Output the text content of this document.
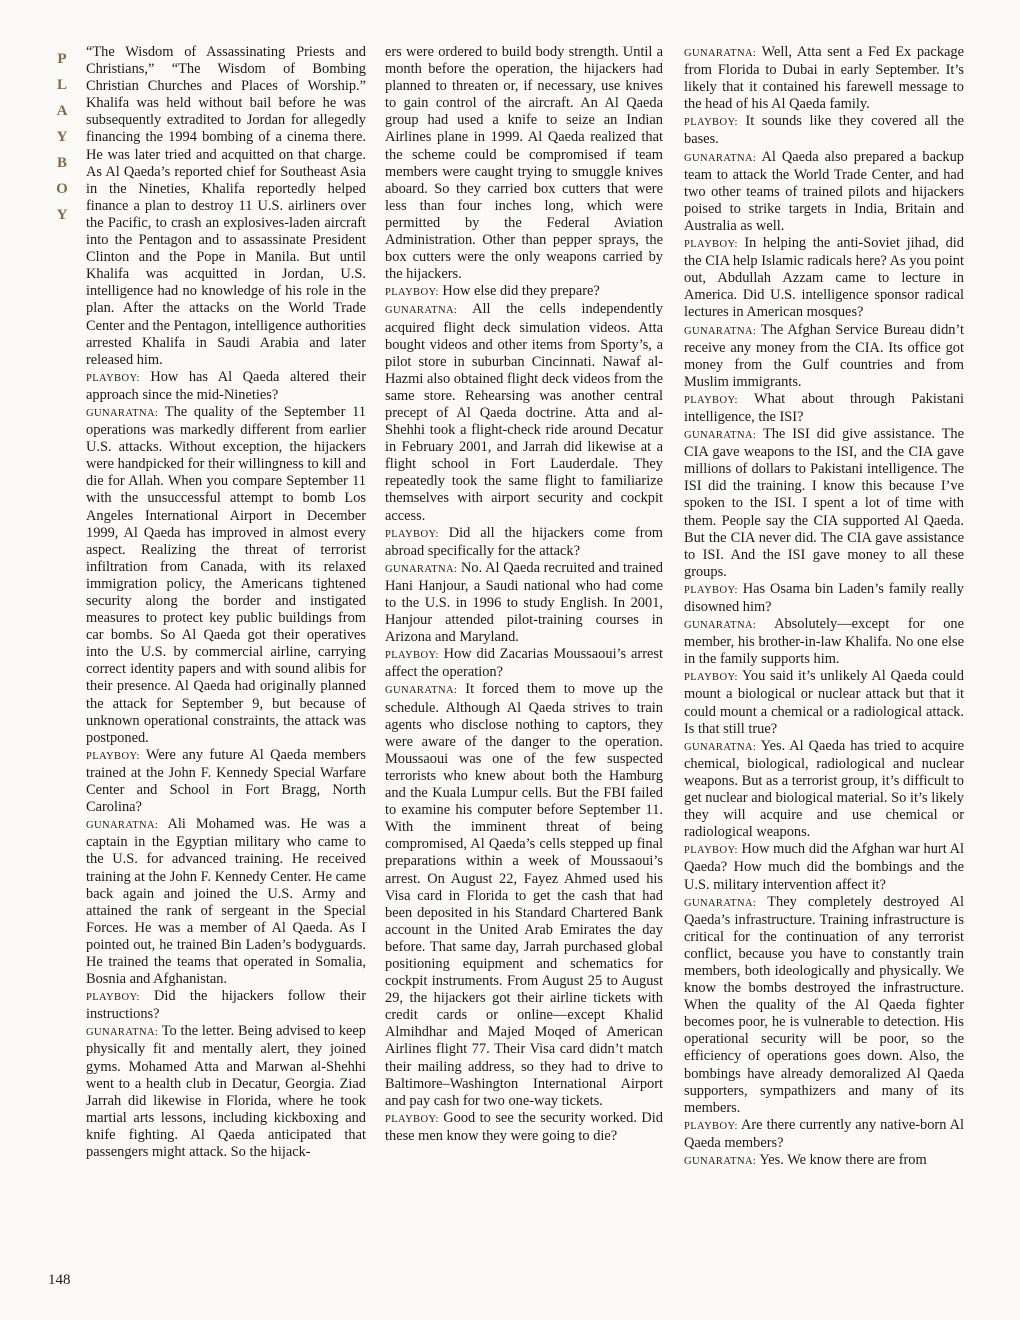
P
L
A
Y
B
O
Y

“The Wisdom of Assassinating Priests and Christians,” “The Wisdom of Bombing Christian Churches and Places of Worship.” Khalifa was held without bail before he was subsequently extradited to Jordan for allegedly financing the 1994 bombing of a cinema there. He was later tried and acquitted on that charge. As Al Qaeda’s reported chief for Southeast Asia in the Nineties, Khalifa reportedly helped finance a plan to destroy 11 U.S. airliners over the Pacific, to crash an explosives-laden aircraft into the Pentagon and to assassinate President Clinton and the Pope in Manila. But until Khalifa was acquitted in Jordan, U.S. intelligence had no knowledge of his role in the plan. After the attacks on the World Trade Center and the Pentagon, intelligence authorities arrested Khalifa in Saudi Arabia and later released him.

PLAYBOY: How has Al Qaeda altered their approach since the mid-Nineties?

GUNARATNA: The quality of the September 11 operations was markedly different from earlier U.S. attacks. Without exception, the hijackers were handpicked for their willingness to kill and die for Allah. When you compare September 11 with the unsuccessful attempt to bomb Los Angeles International Airport in December 1999, Al Qaeda has improved in almost every aspect. Realizing the threat of terrorist infiltration from Canada, with its relaxed immigration policy, the Americans tightened security along the border and instigated measures to protect key public buildings from car bombs. So Al Qaeda got their operatives into the U.S. by commercial airline, carrying correct identity papers and with sound alibis for their presence. Al Qaeda had originally planned the attack for September 9, but because of unknown operational constraints, the attack was postponed.

PLAYBOY: Were any future Al Qaeda members trained at the John F. Kennedy Special Warfare Center and School in Fort Bragg, North Carolina?

GUNARATNA: Ali Mohamed was. He was a captain in the Egyptian military who came to the U.S. for advanced training. He received training at the John F. Kennedy Center. He came back again and joined the U.S. Army and attained the rank of sergeant in the Special Forces. He was a member of Al Qaeda. As I pointed out, he trained Bin Laden’s bodyguards. He trained the teams that operated in Somalia, Bosnia and Afghanistan.

PLAYBOY: Did the hijackers follow their instructions?

GUNARATNA: To the letter. Being advised to keep physically fit and mentally alert, they joined gyms. Mohamed Atta and Marwan al-Shehhi went to a health club in Decatur, Georgia. Ziad Jarrah did likewise in Florida, where he took martial arts lessons, including kickboxing and knife fighting. Al Qaeda anticipated that passengers might attack. So the hijack-

ers were ordered to build body strength. Until a month before the operation, the hijackers had planned to threaten or, if necessary, use knives to gain control of the aircraft. An Al Qaeda group had used a knife to seize an Indian Airlines plane in 1999. Al Qaeda realized that the scheme could be compromised if team members were caught trying to smuggle knives aboard. So they carried box cutters that were less than four inches long, which were permitted by the Federal Aviation Administration. Other than pepper sprays, the box cutters were the only weapons carried by the hijackers.

PLAYBOY: How else did they prepare?

GUNARATNA: All the cells independently acquired flight deck simulation videos. Atta bought videos and other items from Sporty’s, a pilot store in suburban Cincinnati. Nawaf al-Hazmi also obtained flight deck videos from the same store. Rehearsing was another central precept of Al Qaeda doctrine. Atta and al-Shehhi took a flight-check ride around Decatur in February 2001, and Jarrah did likewise at a flight school in Fort Lauderdale. They repeatedly took the same flight to familiarize themselves with airport security and cockpit access.

PLAYBOY: Did all the hijackers come from abroad specifically for the attack?

GUNARATNA: No. Al Qaeda recruited and trained Hani Hanjour, a Saudi national who had come to the U.S. in 1996 to study English. In 2001, Hanjour attended pilot-training courses in Arizona and Maryland.

PLAYBOY: How did Zacarias Moussaoui’s arrest affect the operation?

GUNARATNA: It forced them to move up the schedule. Although Al Qaeda strives to train agents who disclose nothing to captors, they were aware of the danger to the operation. Moussaoui was one of the few suspected terrorists who knew about both the Hamburg and the Kuala Lumpur cells. But the FBI failed to examine his computer before September 11. With the imminent threat of being compromised, Al Qaeda’s cells stepped up final preparations within a week of Moussaoui’s arrest. On August 22, Fayez Ahmed used his Visa card in Florida to get the cash that had been deposited in his Standard Chartered Bank account in the United Arab Emirates the day before. That same day, Jarrah purchased global positioning equipment and schematics for cockpit instruments. From August 25 to August 29, the hijackers got their airline tickets with credit cards or online—except Khalid Almihdhar and Majed Moqed of American Airlines flight 77. Their Visa card didn’t match their mailing address, so they had to drive to Baltimore–Washington International Airport and pay cash for two one-way tickets.

PLAYBOY: Good to see the security worked. Did these men know they were going to die?

GUNARATNA: Well, Atta sent a Fed Ex package from Florida to Dubai in early September. It’s likely that it contained his farewell message to the head of his Al Qaeda family.

PLAYBOY: It sounds like they covered all the bases.

GUNARATNA: Al Qaeda also prepared a backup team to attack the World Trade Center, and had two other teams of trained pilots and hijackers poised to strike targets in India, Britain and Australia as well.

PLAYBOY: In helping the anti-Soviet jihad, did the CIA help Islamic radicals here? As you point out, Abdullah Azzam came to lecture in America. Did U.S. intelligence sponsor radical lectures in American mosques?

GUNARATNA: The Afghan Service Bureau didn’t receive any money from the CIA. Its office got money from the Gulf countries and from Muslim immigrants.

PLAYBOY: What about through Pakistani intelligence, the ISI?

GUNARATNA: The ISI did give assistance. The CIA gave weapons to the ISI, and the CIA gave millions of dollars to Pakistani intelligence. The ISI did the training. I know this because I’ve spoken to the ISI. I spent a lot of time with them. People say the CIA supported Al Qaeda. But the CIA never did. The CIA gave assistance to ISI. And the ISI gave money to all these groups.

PLAYBOY: Has Osama bin Laden’s family really disowned him?

GUNARATNA: Absolutely—except for one member, his brother-in-law Khalifa. No one else in the family supports him.

PLAYBOY: You said it’s unlikely Al Qaeda could mount a biological or nuclear attack but that it could mount a chemical or a radiological attack. Is that still true?

GUNARATNA: Yes. Al Qaeda has tried to acquire chemical, biological, radiological and nuclear weapons. But as a terrorist group, it’s difficult to get nuclear and biological material. So it’s likely they will acquire and use chemical or radiological weapons.

PLAYBOY: How much did the Afghan war hurt Al Qaeda? How much did the bombings and the U.S. military intervention affect it?

GUNARATNA: They completely destroyed Al Qaeda’s infrastructure. Training infrastructure is critical for the continuation of any terrorist conflict, because you have to constantly train members, both ideologically and physically. We know the bombs destroyed the infrastructure. When the quality of the Al Qaeda fighter becomes poor, he is vulnerable to detection. His operational security will be poor, so the efficiency of operations goes down. Also, the bombings have already demoralized Al Qaeda supporters, sympathizers and many of its members.

PLAYBOY: Are there currently any native-born Al Qaeda members?

GUNARATNA: Yes. We know there are from

...
148
